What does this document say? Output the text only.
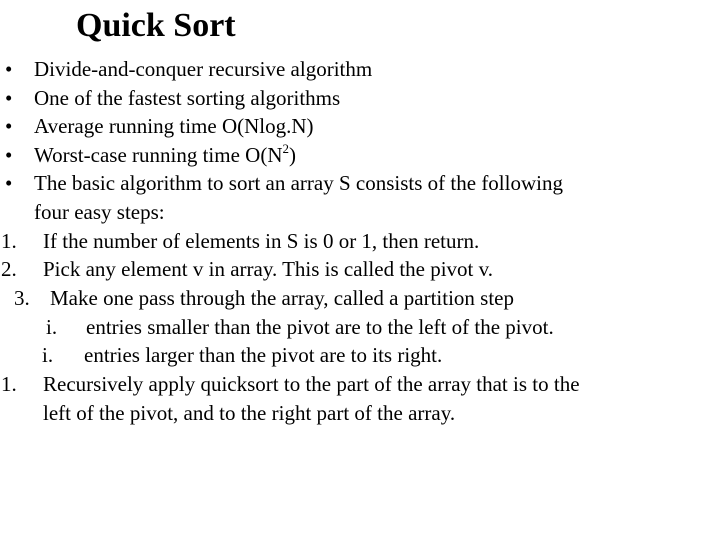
Quick Sort
• Divide-and-conquer recursive algorithm
• One of the fastest sorting algorithms
• Average running time O(Nlog.N)
• Worst-case running time $O(N^2)$
• The basic algorithm to sort an array S consists of the following
four easy steps:
1. If the number of elements in S is 0 or 1, then return.
2. Pick any element v in array. This is called the pivot v.
3. Make one pass through the array, called a partition step
i. entries smaller than the pivot are to the left of the pivot.
i. entries larger than the pivot are to its right.
1. Recursively apply quicksort to the part of the array that is to the
left of the pivot, and to the right part of the array.
